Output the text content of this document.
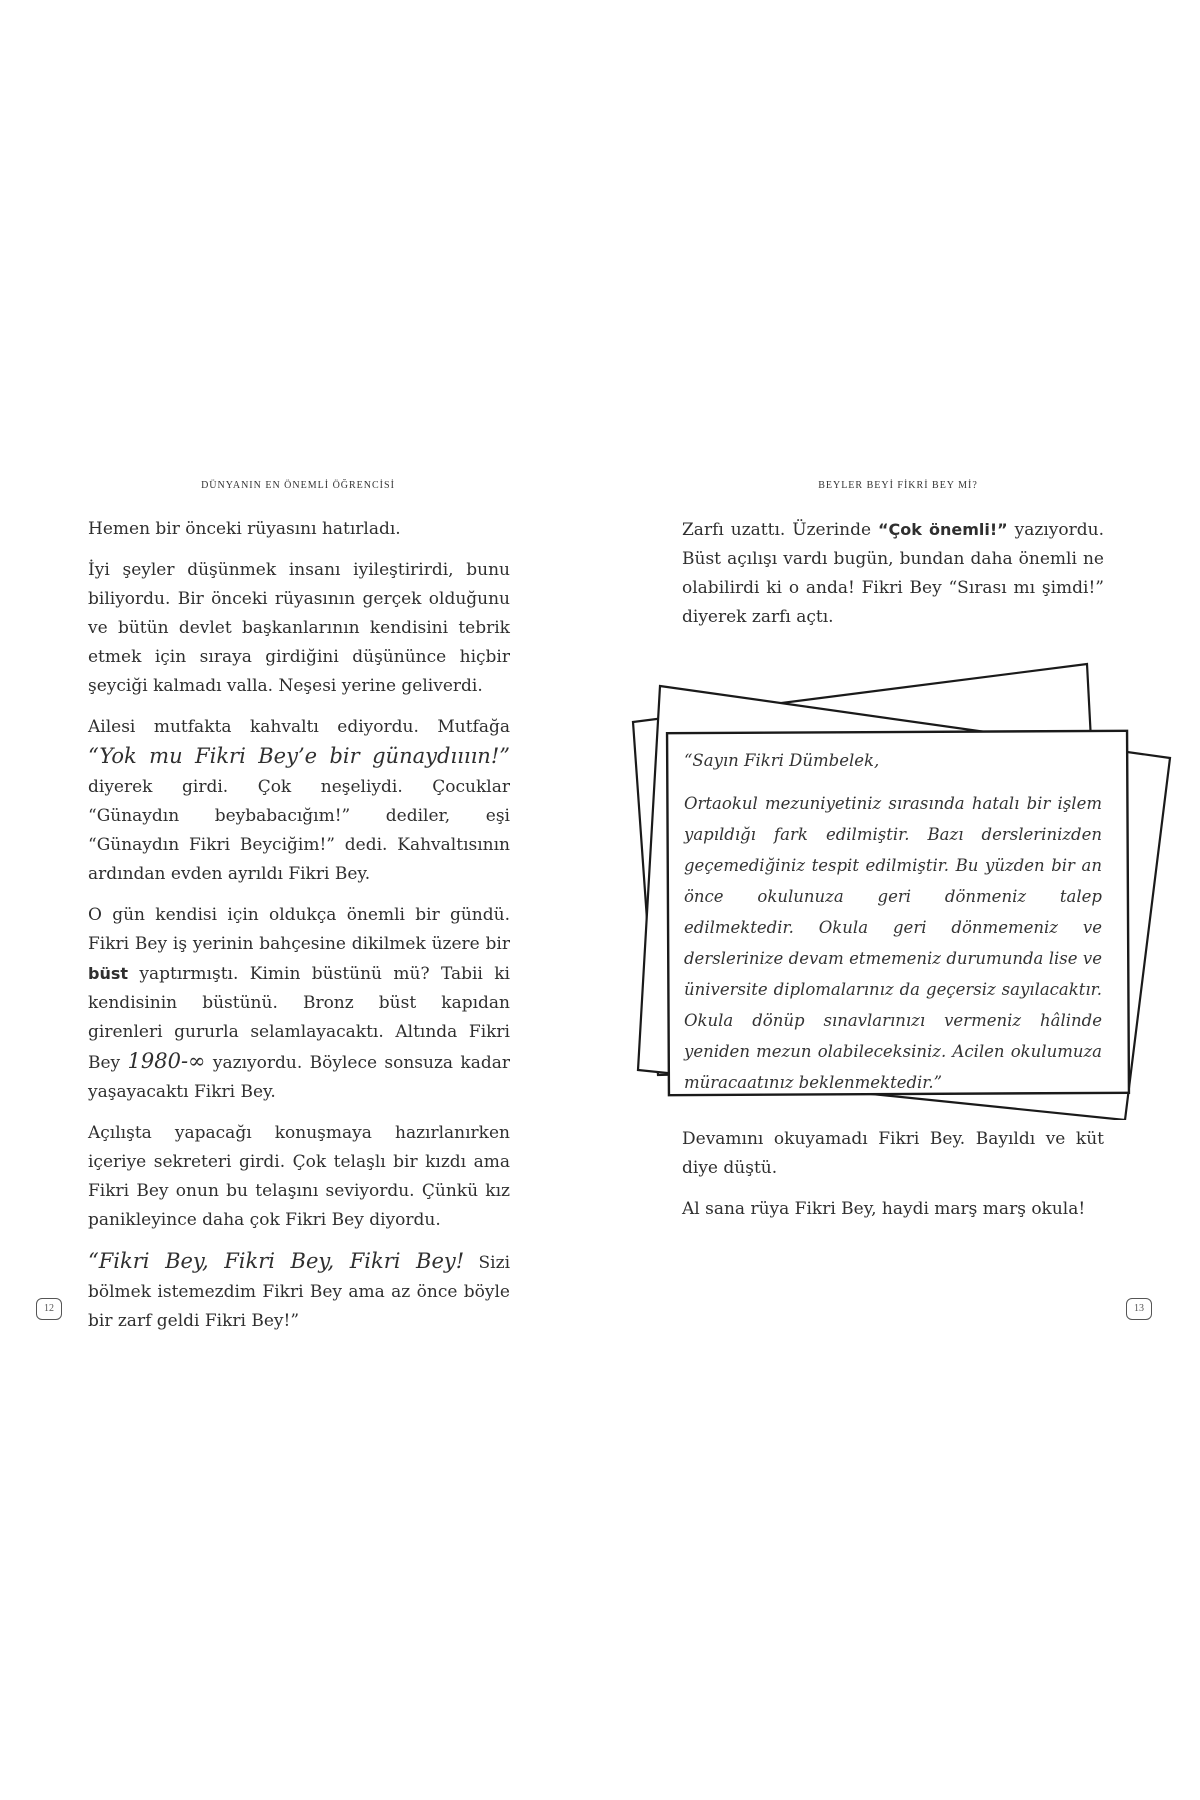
DÜNYANIN EN ÖNEMLİ ÖĞRENCİSİ

Hemen bir önceki rüyasını hatırladı.

İyi şeyler düşünmek insanı iyileştirirdi, bunu biliyordu. Bir önceki rüyasının gerçek olduğunu ve bütün devlet başkanlarının kendisini tebrik etmek için sıraya girdiğini düşününce hiçbir şeyciği kalmadı valla. Neşesi yerine geliverdi.

Ailesi mutfakta kahvaltı ediyordu. Mutfağa “Yok mu Fikri Bey’e bir günaydıııın!” diyerek girdi. Çok neşeliydi. Çocuklar “Günaydın beybabacığım!” dediler, eşi “Günaydın Fikri Beyciğim!” dedi. Kahvaltısının ardından evden ayrıldı Fikri Bey.

O gün kendisi için oldukça önemli bir gündü. Fikri Bey iş yerinin bahçesine dikilmek üzere bir büst yaptırmıştı. Kimin büstünü mü? Tabii ki kendisinin büstünü. Bronz büst kapıdan girenleri gururla selamlayacaktı. Altında Fikri Bey 1980-∞ yazıyordu. Böylece sonsuza kadar yaşayacaktı Fikri Bey.

Açılışta yapacağı konuşmaya hazırlanırken içeriye sekreteri girdi. Çok telaşlı bir kızdı ama Fikri Bey onun bu telaşını seviyordu. Çünkü kız paniklеyince daha çok Fikri Bey diyordu.

“Fikri Bey, Fikri Bey, Fikri Bey! Sizi bölmek istemezdim Fikri Bey ama az önce böyle bir zarf geldi Fikri Bey!”

12
BEYLER BEYİ FİKRİ BEY Mİ?

Zarfı uzattı. Üzerinde “Çok önemli!” yazıyordu. Büst açılışı vardı bugün, bundan daha önemli ne olabilirdi ki o anda! Fikri Bey “Sırası mı şimdi!” diyerek zarfı açtı.

“Sayın Fikri Dümbelek,

Ortaokul mezuniyetiniz sırasında hatalı bir işlem yapıldığı fark edilmiştir. Bazı derslerinizden geçemediğiniz tespit edilmiştir. Bu yüzden bir an önce okulunuza geri dönmeniz talep edilmektedir. Okula geri dönmemeniz ve derslerinize devam etmemeniz durumunda lise ve üniversite diplomalarınız da geçersiz sayılacaktır. Okula dönüp sınavlarınızı vermeniz hâlinde yeniden mezun olabileceksiniz. Acilen okulumuza müracaatınız beklenmektedir.”

Devamını okuyamadı Fikri Bey. Bayıldı ve küt diye düştü.

Al sana rüya Fikri Bey, haydi marş marş okula!

13
